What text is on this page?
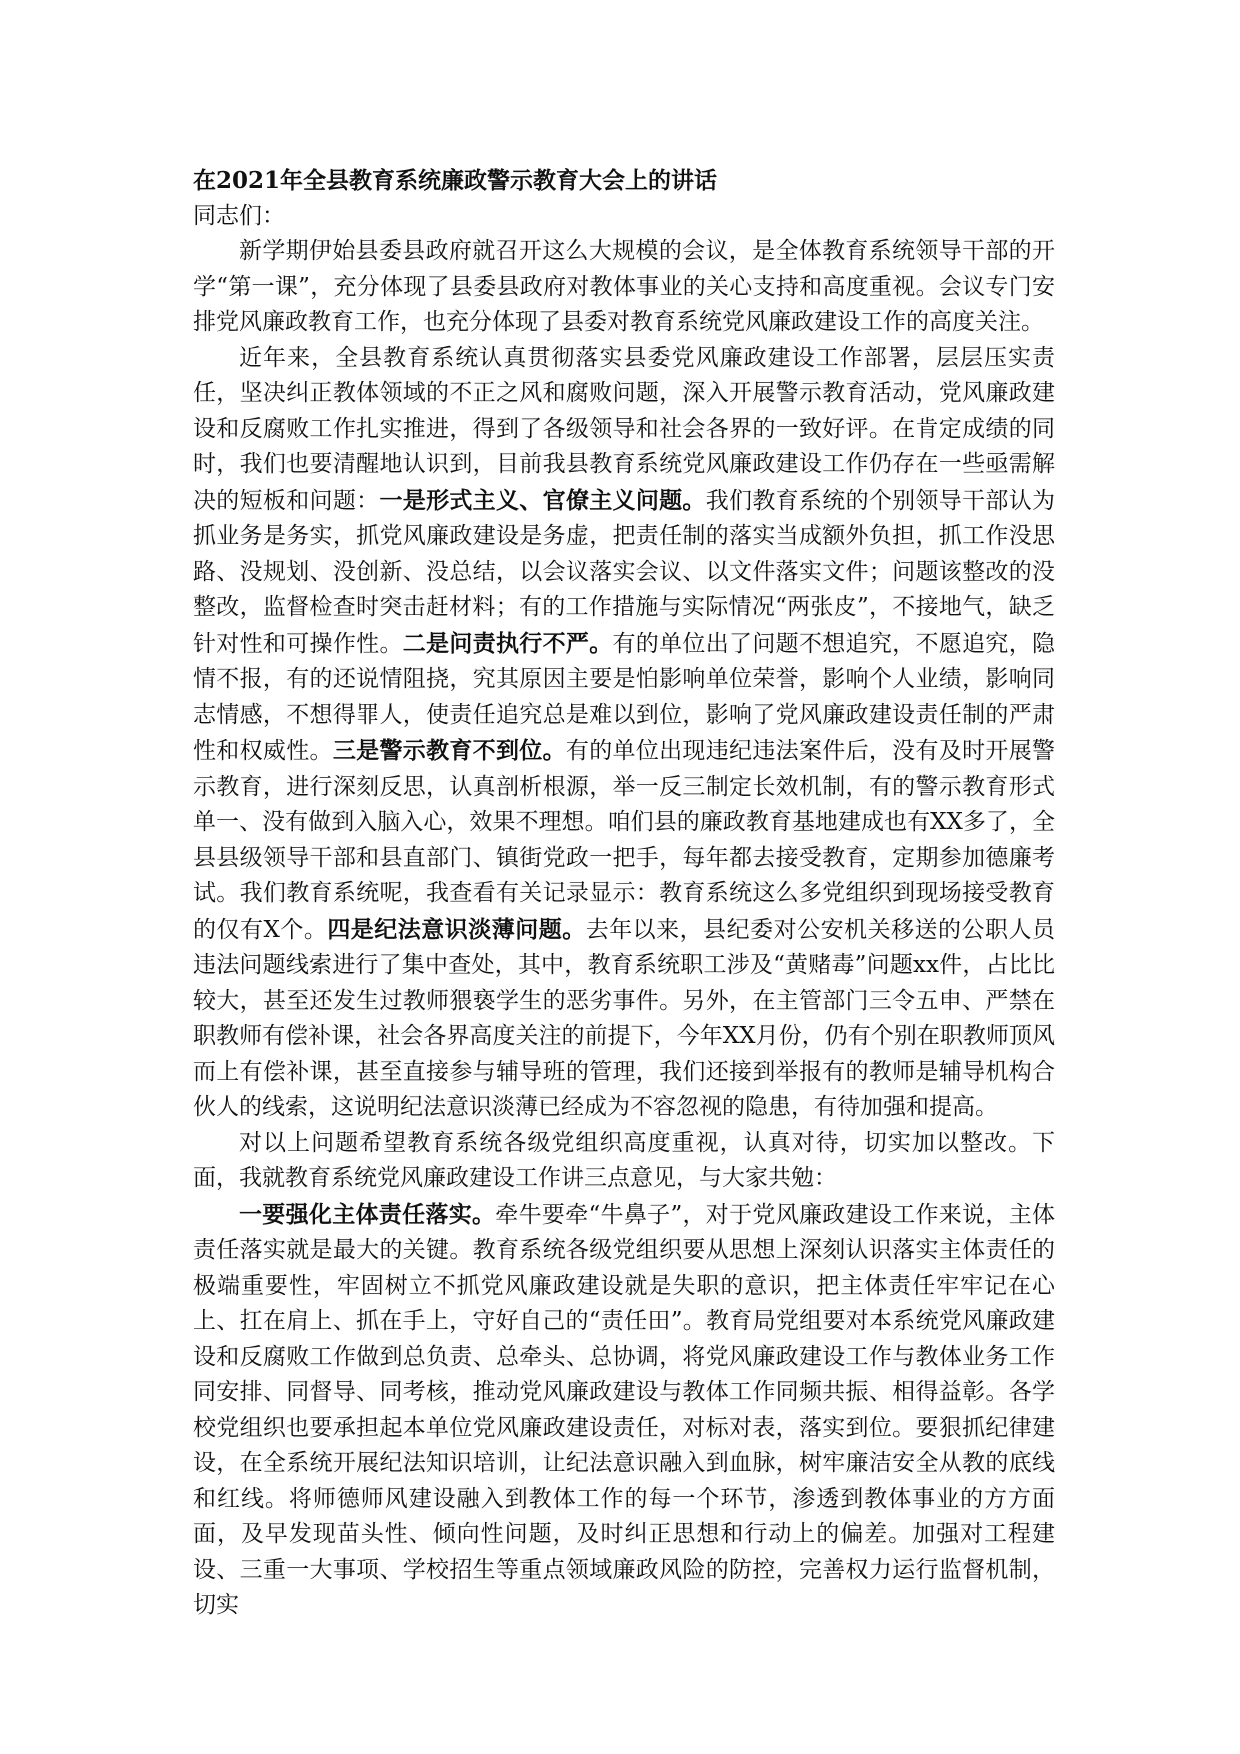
在2021年全县教育系统廉政警示教育大会上的讲话
同志们：

新学期伊始县委县政府就召开这么大规模的会议，是全体教育系统领导干部的开学“第一课”，充分体现了县委县政府对教体事业的关心支持和高度重视。会议专门安排党风廉政教育工作，也充分体现了县委对教育系统党风廉政建设工作的高度关注。

近年来，全县教育系统认真贯彻落实县委党风廉政建设工作部署，层层压实责任，坚决纠正教体领域的不正之风和腐败问题，深入开展警示教育活动，党风廉政建设和反腐败工作扎实推进，得到了各级领导和社会各界的一致好评。在肯定成绩的同时，我们也要清醒地认识到，目前我县教育系统党风廉政建设工作仍存在一些亟需解决的短板和问题：一是形式主义、官僚主义问题。我们教育系统的个别领导干部认为抓业务是务实，抓党风廉政建设是务虚，把责任制的落实当成额外负担，抓工作没思路、没规划、没创新、没总结，以会议落实会议、以文件落实文件；问题该整改的没整改，监督检查时突击赶材料；有的工作措施与实际情况“两张皮”，不接地气，缺乏针对性和可操作性。二是问责执行不严。有的单位出了问题不想追究，不愿追究，隐情不报，有的还说情阻挠，究其原因主要是怕影响单位荣誉，影响个人业绩，影响同志情感，不想得罪人，使责任追究总是难以到位，影响了党风廉政建设责任制的严肃性和权威性。三是警示教育不到位。有的单位出现违纪违法案件后，没有及时开展警示教育，进行深刻反思，认真剖析根源，举一反三制定长效机制，有的警示教育形式单一、没有做到入脑入心，效果不理想。咱们县的廉政教育基地建成也有XX多了，全县县级领导干部和县直部门、镇街党政一把手，每年都去接受教育，定期参加德廉考试。我们教育系统呢，我查看有关记录显示：教育系统这么多党组织到现场接受教育的仅有X个。四是纪法意识淡薄问题。去年以来，县纪委对公安机关移送的公职人员违法问题线索进行了集中查处，其中，教育系统职工涉及“黄赌毒”问题xx件，占比比较大，甚至还发生过教师猥亵学生的恶劣事件。另外，在主管部门三令五申、严禁在职教师有偿补课，社会各界高度关注的前提下，今年XX月份，仍有个别在职教师顶风而上有偿补课，甚至直接参与辅导班的管理，我们还接到举报有的教师是辅导机构合伙人的线索，这说明纪法意识淡薄已经成为不容忽视的隐患，有待加强和提高。

对以上问题希望教育系统各级党组织高度重视，认真对待，切实加以整改。下面，我就教育系统党风廉政建设工作讲三点意见，与大家共勉：

一要强化主体责任落实。牵牛要牵“牛鼻子”，对于党风廉政建设工作来说，主体责任落实就是最大的关键。教育系统各级党组织要从思想上深刻认识落实主体责任的极端重要性，牢固树立不抓党风廉政建设就是失职的意识，把主体责任牢牢记在心上、扛在肩上、抓在手上，守好自己的“责任田”。教育局党组要对本系统党风廉政建设和反腐败工作做到总负责、总牵头、总协调，将党风廉政建设工作与教体业务工作同安排、同督导、同考核，推动党风廉政建设与教体工作同频共振、相得益彰。各学校党组织也要承担起本单位党风廉政建设责任，对标对表，落实到位。要狠抓纪律建设，在全系统开展纪法知识培训，让纪法意识融入到血脉，树牢廉洁安全从教的底线和红线。将师德师风建设融入到教体工作的每一个环节，渗透到教体事业的方方面面，及早发现苗头性、倾向性问题，及时纠正思想和行动上的偏差。加强对工程建设、三重一大事项、学校招生等重点领域廉政风险的防控，完善权力运行监督机制，切实
